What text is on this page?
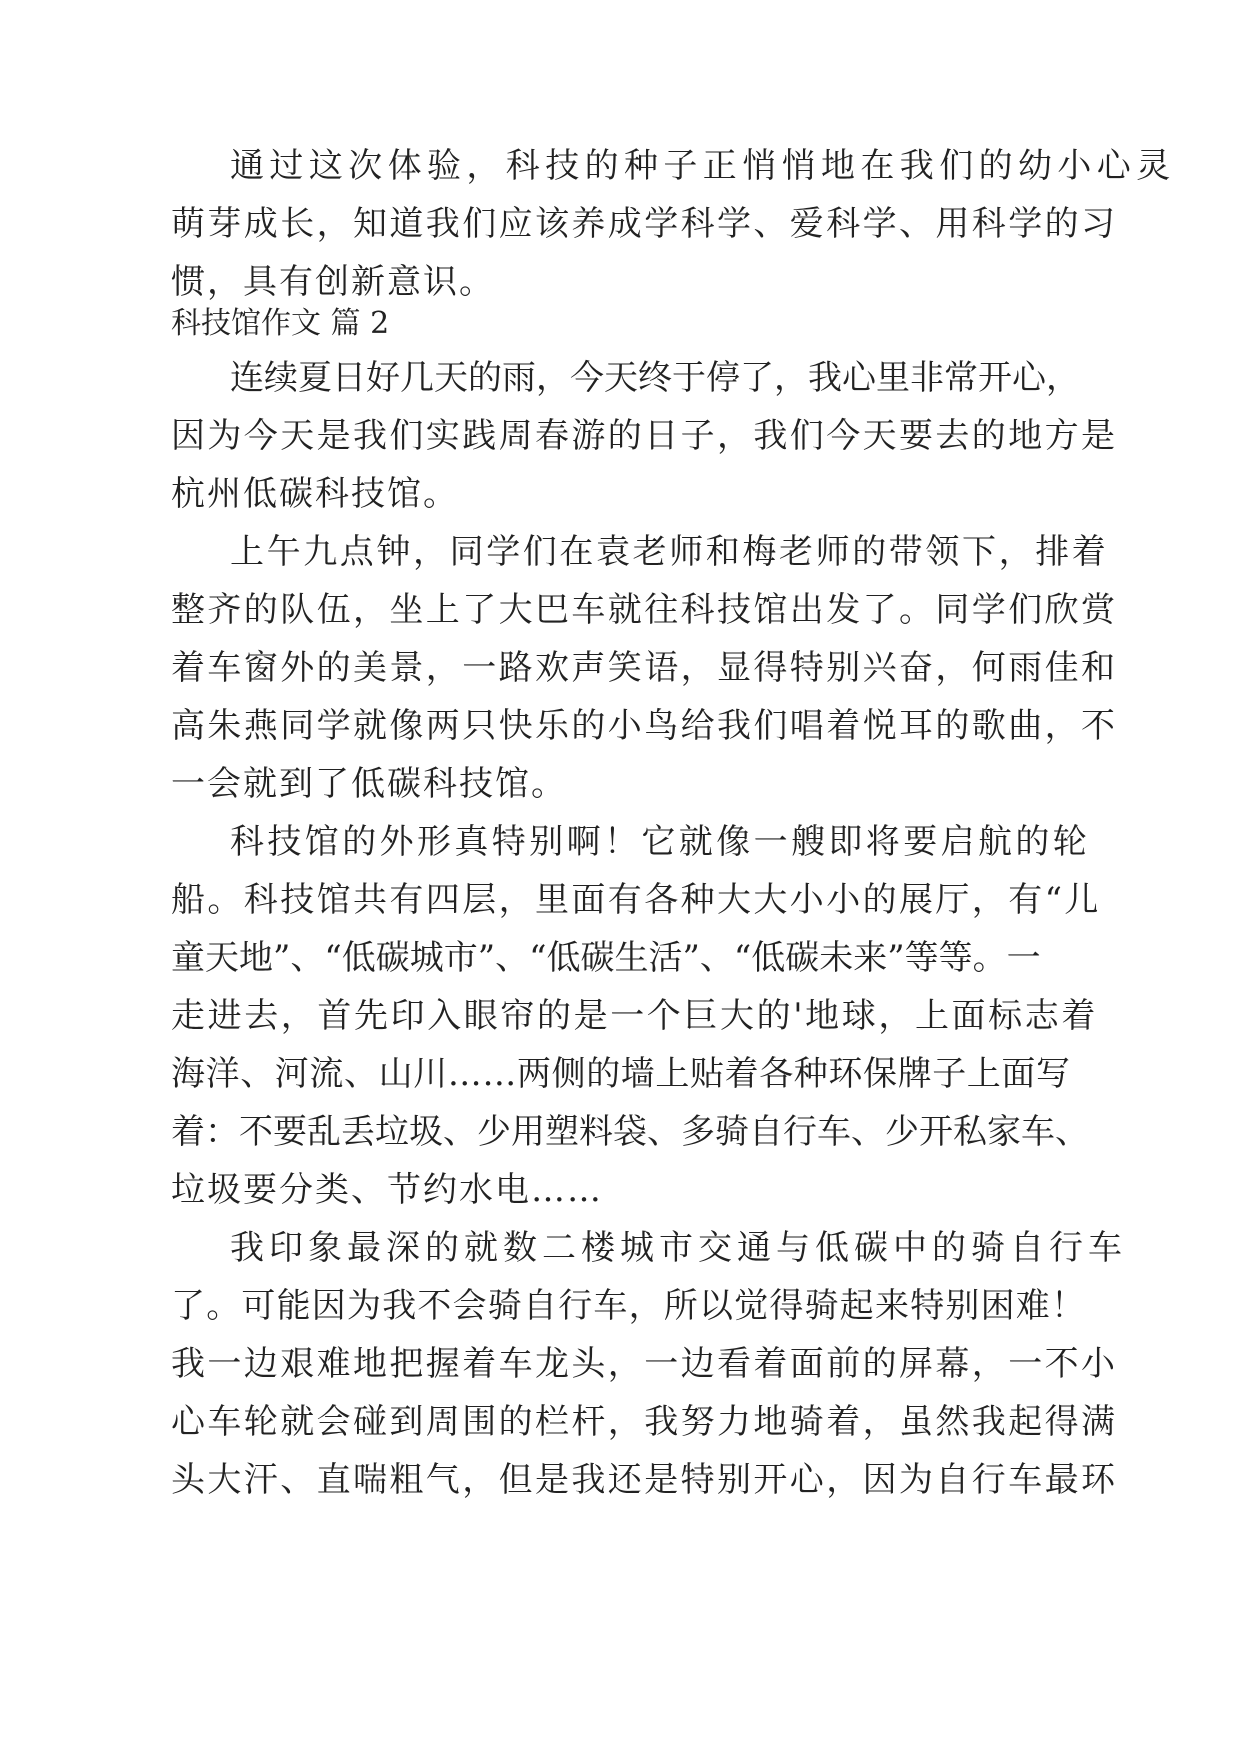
通过这次体验，科技的种子正悄悄地在我们的幼小心灵

萌芽成长，知道我们应该养成学科学、爱科学、用科学的习

惯，具有创新意识。

科技馆作文 篇 2

连续夏日好几天的雨，今天终于停了，我心里非常开心，

因为今天是我们实践周春游的日子，我们今天要去的地方是

杭州低碳科技馆。

上午九点钟，同学们在袁老师和梅老师的带领下，排着

整齐的队伍，坐上了大巴车就往科技馆出发了。同学们欣赏

着车窗外的美景，一路欢声笑语，显得特别兴奋，何雨佳和

高朱燕同学就像两只快乐的小鸟给我们唱着悦耳的歌曲，不

一会就到了低碳科技馆。

科技馆的外形真特别啊！它就像一艘即将要启航的轮

船。科技馆共有四层，里面有各种大大小小的展厅，有“儿

童天地”、“低碳城市”、“低碳生活”、“低碳未来”等等。一

走进去，首先印入眼帘的是一个巨大的'地球，上面标志着

海洋、河流、山川……两侧的墙上贴着各种环保牌子上面写

着：不要乱丢垃圾、少用塑料袋、多骑自行车、少开私家车、

垃圾要分类、节约水电……

我印象最深的就数二楼城市交通与低碳中的骑自行车

了。可能因为我不会骑自行车，所以觉得骑起来特别困难！

我一边艰难地把握着车龙头，一边看着面前的屏幕，一不小

心车轮就会碰到周围的栏杆，我努力地骑着，虽然我起得满

头大汗、直喘粗气，但是我还是特别开心，因为自行车最环
